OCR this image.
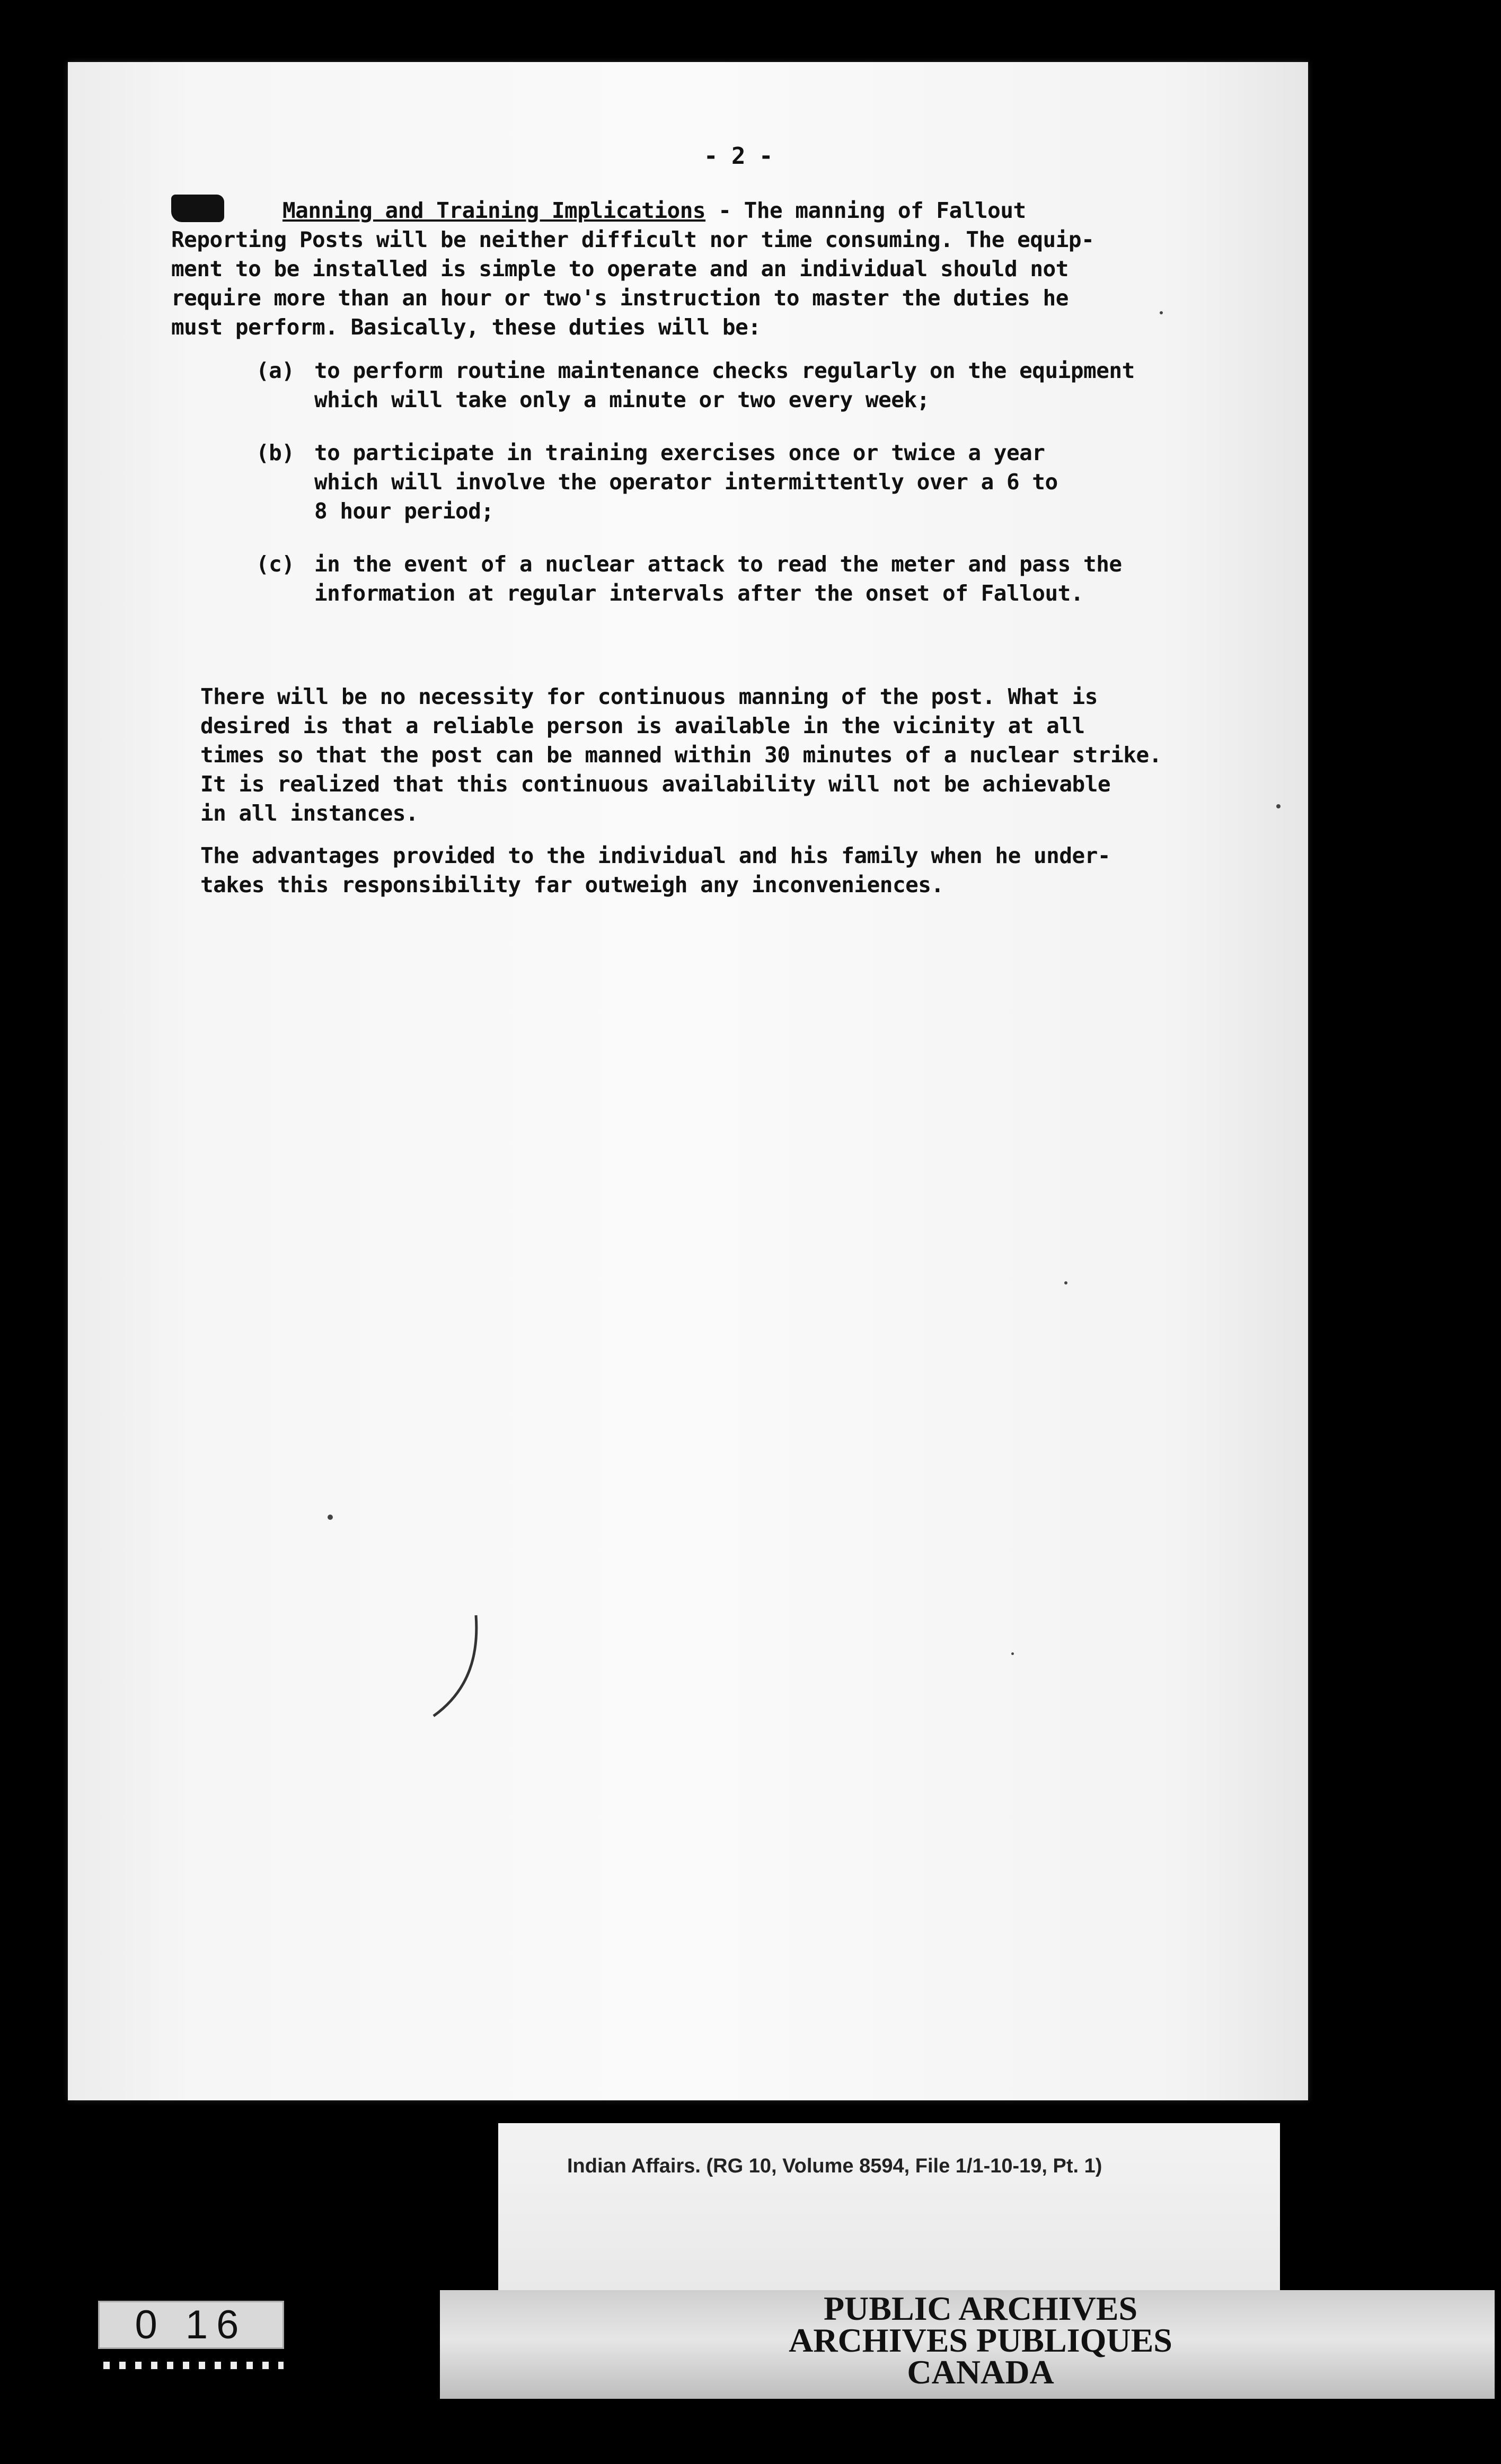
- 2 -
Manning and Training Implications - The manning of Fallout
Reporting Posts will be neither difficult nor time consuming. The equip-
ment to be installed is simple to operate and an individual should not
require more than an hour or two's instruction to master the duties he
must perform. Basically, these duties will be:
(a) to perform routine maintenance checks regularly on the equipment
which will take only a minute or two every week;
(b) to participate in training exercises once or twice a year
which will involve the operator intermittently over a 6 to
8 hour period;
(c) in the event of a nuclear attack to read the meter and pass the
information at regular intervals after the onset of Fallout.
There will be no necessity for continuous manning of the post. What is
desired is that a reliable person is available in the vicinity at all
times so that the post can be manned within 30 minutes of a nuclear strike.
It is realized that this continuous availability will not be achievable
in all instances.
The advantages provided to the individual and his family when he under-
takes this responsibility far outweigh any inconveniences.
Indian Affairs. (RG 10, Volume 8594, File 1/1-10-19, Pt. 1)
0 16	PUBLIC ARCHIVES
ARCHIVES PUBLIQUES
CANADA
